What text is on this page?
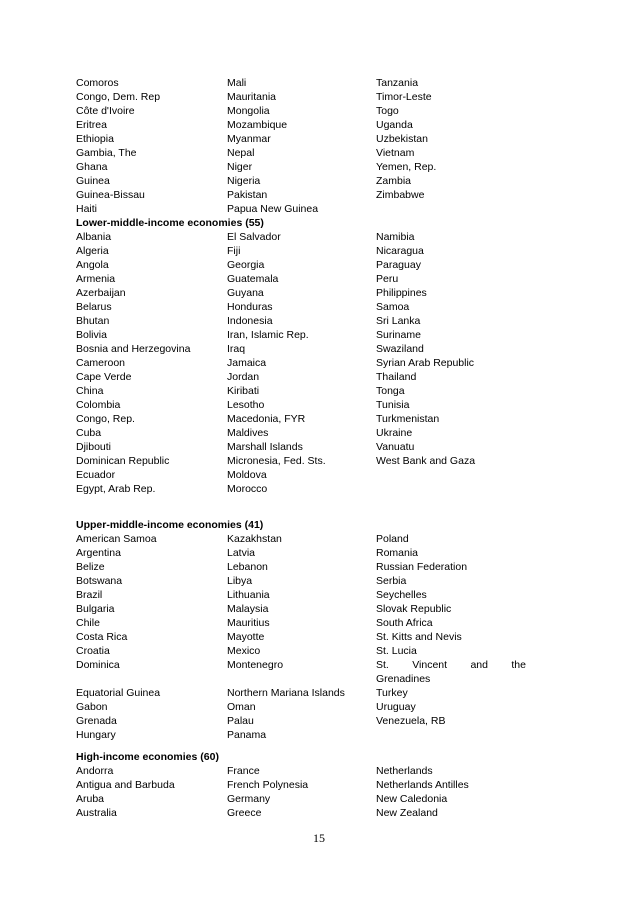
Comoros	Mali	Tanzania
Congo, Dem. Rep	Mauritania	Timor-Leste
Côte d'Ivoire	Mongolia	Togo
Eritrea	Mozambique	Uganda
Ethiopia	Myanmar	Uzbekistan
Gambia, The	Nepal	Vietnam
Ghana	Niger	Yemen, Rep.
Guinea	Nigeria	Zambia
Guinea-Bissau	Pakistan	Zimbabwe
Haiti	Papua New Guinea
Lower-middle-income economies (55)
Albania	El Salvador	Namibia
Algeria	Fiji	Nicaragua
Angola	Georgia	Paraguay
Armenia	Guatemala	Peru
Azerbaijan	Guyana	Philippines
Belarus	Honduras	Samoa
Bhutan	Indonesia	Sri Lanka
Bolivia	Iran, Islamic Rep.	Suriname
Bosnia and Herzegovina	Iraq	Swaziland
Cameroon	Jamaica	Syrian Arab Republic
Cape Verde	Jordan	Thailand
China	Kiribati	Tonga
Colombia	Lesotho	Tunisia
Congo, Rep.	Macedonia, FYR	Turkmenistan
Cuba	Maldives	Ukraine
Djibouti	Marshall Islands	Vanuatu
Dominican Republic	Micronesia, Fed. Sts.	West Bank and Gaza
Ecuador	Moldova
Egypt, Arab Rep.	Morocco
Upper-middle-income economies (41)
American Samoa	Kazakhstan	Poland
Argentina	Latvia	Romania
Belize	Lebanon	Russian Federation
Botswana	Libya	Serbia
Brazil	Lithuania	Seychelles
Bulgaria	Malaysia	Slovak Republic
Chile	Mauritius	South Africa
Costa Rica	Mayotte	St. Kitts and Nevis
Croatia	Mexico	St. Lucia
Dominica	Montenegro	St. Vincent and the
Grenadines
Equatorial Guinea	Northern Mariana Islands	Turkey
Gabon	Oman	Uruguay
Grenada	Palau	Venezuela, RB
Hungary	Panama
High-income economies (60)
Andorra	France	Netherlands
Antigua and Barbuda	French Polynesia	Netherlands Antilles
Aruba	Germany	New Caledonia
Australia	Greece	New Zealand
15
